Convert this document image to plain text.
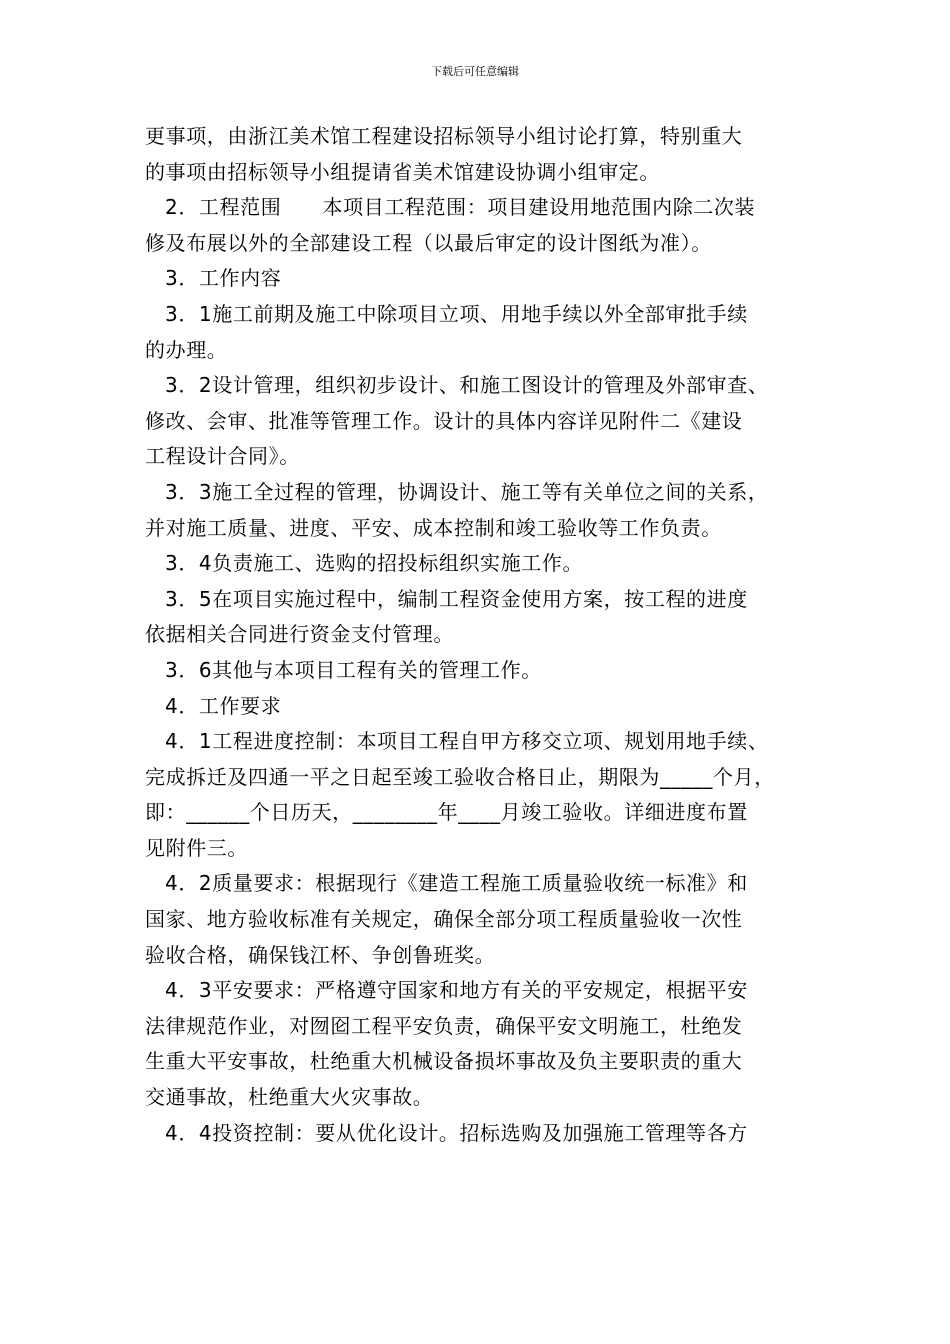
下载后可任意编辑
更事项，由浙江美术馆工程建设招标领导小组讨论打算，特别重大
的事项由招标领导小组提请省美术馆建设协调小组审定。
2．工程范围　　本项目工程范围：项目建设用地范围内除二次装
修及布展以外的全部建设工程（以最后审定的设计图纸为准）。
3．工作内容
3．1施工前期及施工中除项目立项、用地手续以外全部审批手续
的办理。
3．2设计管理，组织初步设计、和施工图设计的管理及外部审查、
修改、会审、批准等管理工作。设计的具体内容详见附件二《建设
工程设计合同》。
3．3施工全过程的管理，协调设计、施工等有关单位之间的关系，
并对施工质量、进度、平安、成本控制和竣工验收等工作负责。
3．4负责施工、选购的招投标组织实施工作。
3．5在项目实施过程中，编制工程资金使用方案，按工程的进度
依据相关合同进行资金支付管理。
3．6其他与本项目工程有关的管理工作。
4．工作要求
4．1工程进度控制：本项目工程自甲方移交立项、规划用地手续、
完成拆迁及四通一平之日起至竣工验收合格日止，期限为_____个月，
即：______个日历天，________年____月竣工验收。详细进度布置
见附件三。
4．2质量要求：根据现行《建造工程施工质量验收统一标准》和
国家、地方验收标准有关规定，确保全部分项工程质量验收一次性
验收合格，确保钱江杯、争创鲁班奖。
4．3平安要求：严格遵守国家和地方有关的平安规定，根据平安
法律规范作业，对囫囵工程平安负责，确保平安文明施工，杜绝发
生重大平安事故，杜绝重大机械设备损坏事故及负主要职责的重大
交通事故，杜绝重大火灾事故。
4．4投资控制：要从优化设计。招标选购及加强施工管理等各方
